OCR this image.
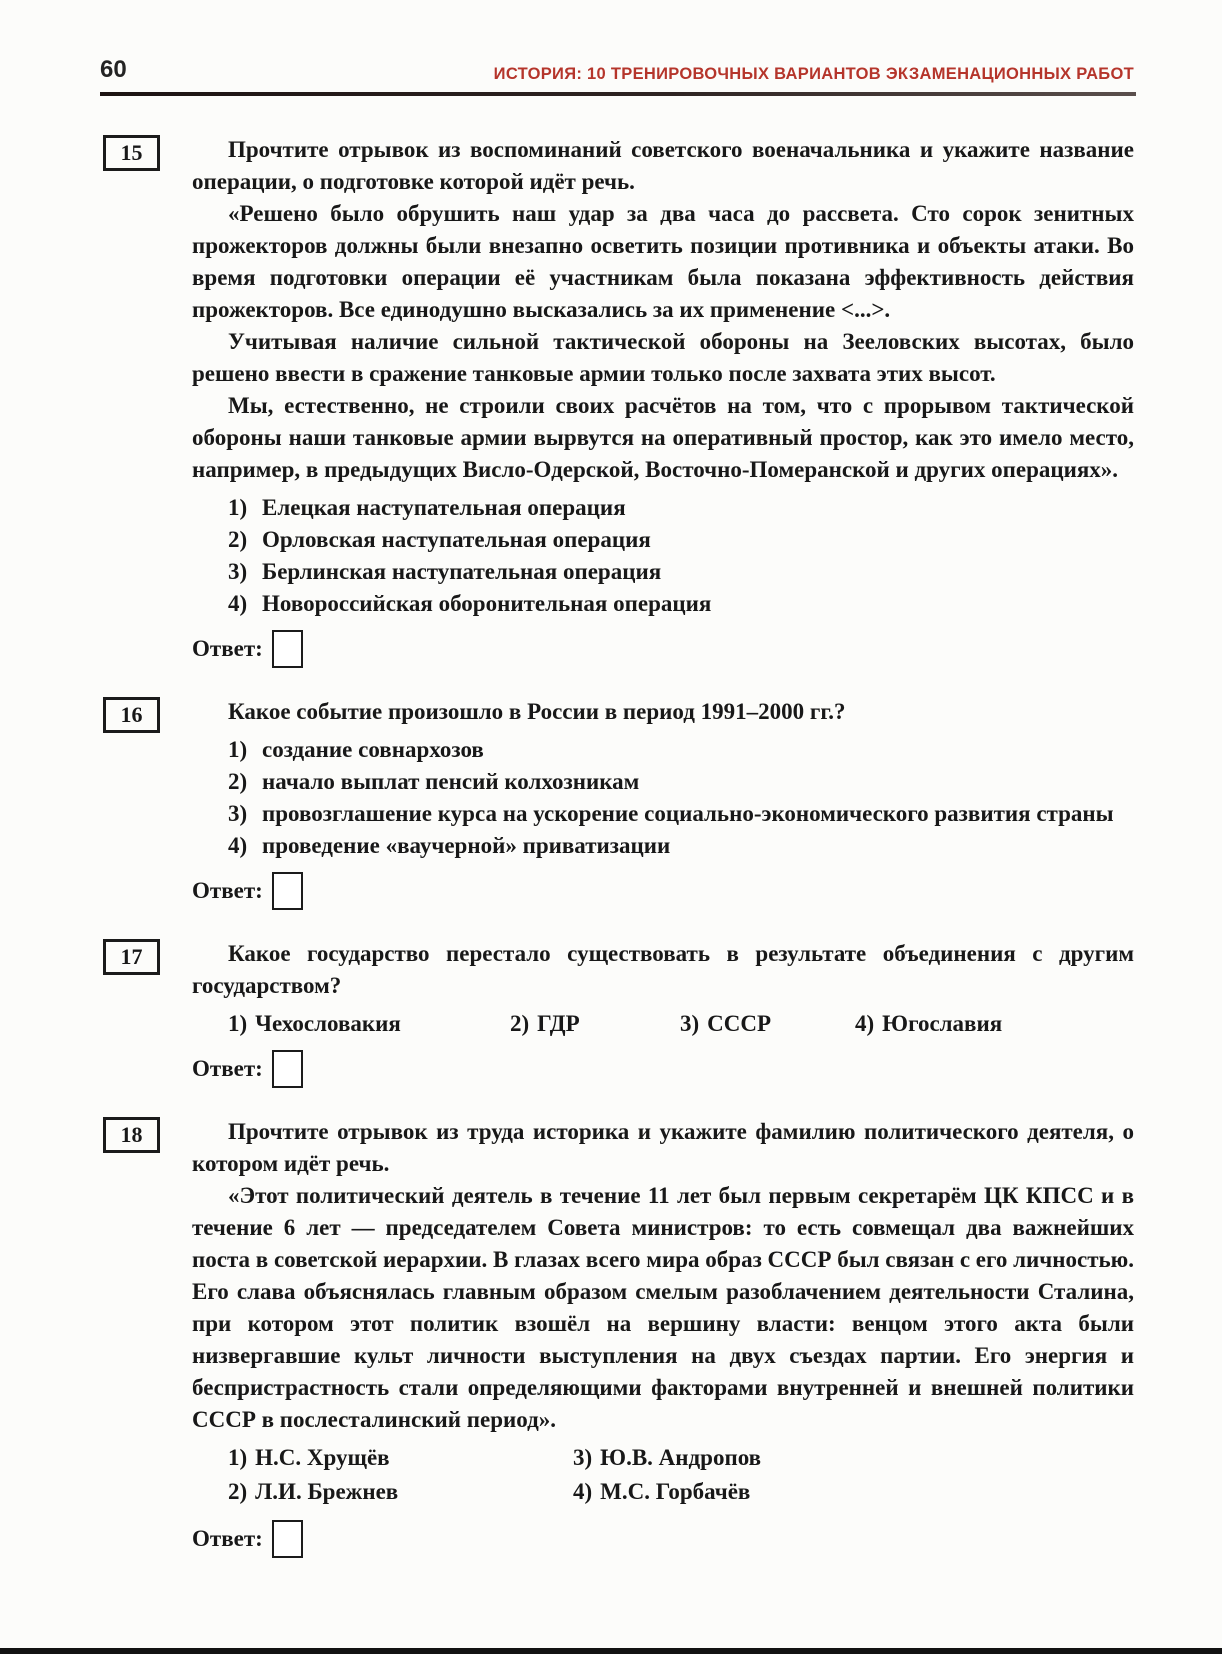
60	ИСТОРИЯ: 10 ТРЕНИРОВОЧНЫХ ВАРИАНТОВ ЭКЗАМЕНАЦИОННЫХ РАБОТ
15	Прочтите отрывок из воспоминаний советского военачальника и укажите название операции, о подготовке которой идёт речь.

«Решено было обрушить наш удар за два часа до рассвета. Сто сорок зенитных прожекторов должны были внезапно осветить позиции противника и объекты атаки. Во время подготовки операции её участникам была показана эффективность действия прожекторов. Все единодушно высказались за их применение <...>.

Учитывая наличие сильной тактической обороны на Зееловских высотах, было решено ввести в сражение танковые армии только после захвата этих высот.

Мы, естественно, не строили своих расчётов на том, что с прорывом тактической обороны наши танковые армии вырвутся на оперативный простор, как это имело место, например, в предыдущих Висло-Одерской, Восточно-Померанской и других операциях».

1) Елецкая наступательная операция
2) Орловская наступательная операция
3) Берлинская наступательная операция
4) Новороссийская оборонительная операция
Ответ:
16	Какое событие произошло в России в период 1991–2000 гг.?

1) создание совнархозов
2) начало выплат пенсий колхозникам
3) провозглашение курса на ускорение социально-экономического развития страны
4) проведение «ваучерной» приватизации
Ответ:
17	Какое государство перестало существовать в результате объединения с другим государством?

1) Чехословакия	2) ГДР	3) СССР	4) Югославия
Ответ:
18	Прочтите отрывок из труда историка и укажите фамилию политического деятеля, о котором идёт речь.

«Этот политический деятель в течение 11 лет был первым секретарём ЦК КПСС и в течение 6 лет — председателем Совета министров: то есть совмещал два важнейших поста в советской иерархии. В глазах всего мира образ СССР был связан с его личностью. Его слава объяснялась главным образом смелым разоблачением деятельности Сталина, при котором этот политик взошёл на вершину власти: венцом этого акта были низвергавшие культ личности выступления на двух съездах партии. Его энергия и беспристрастность стали определяющими факторами внутренней и внешней политики СССР в послесталинский период».

1) Н.С. Хрущёв
2) Л.И. Брежнев
3) Ю.В. Андропов
4) М.С. Горбачёв
Ответ:
